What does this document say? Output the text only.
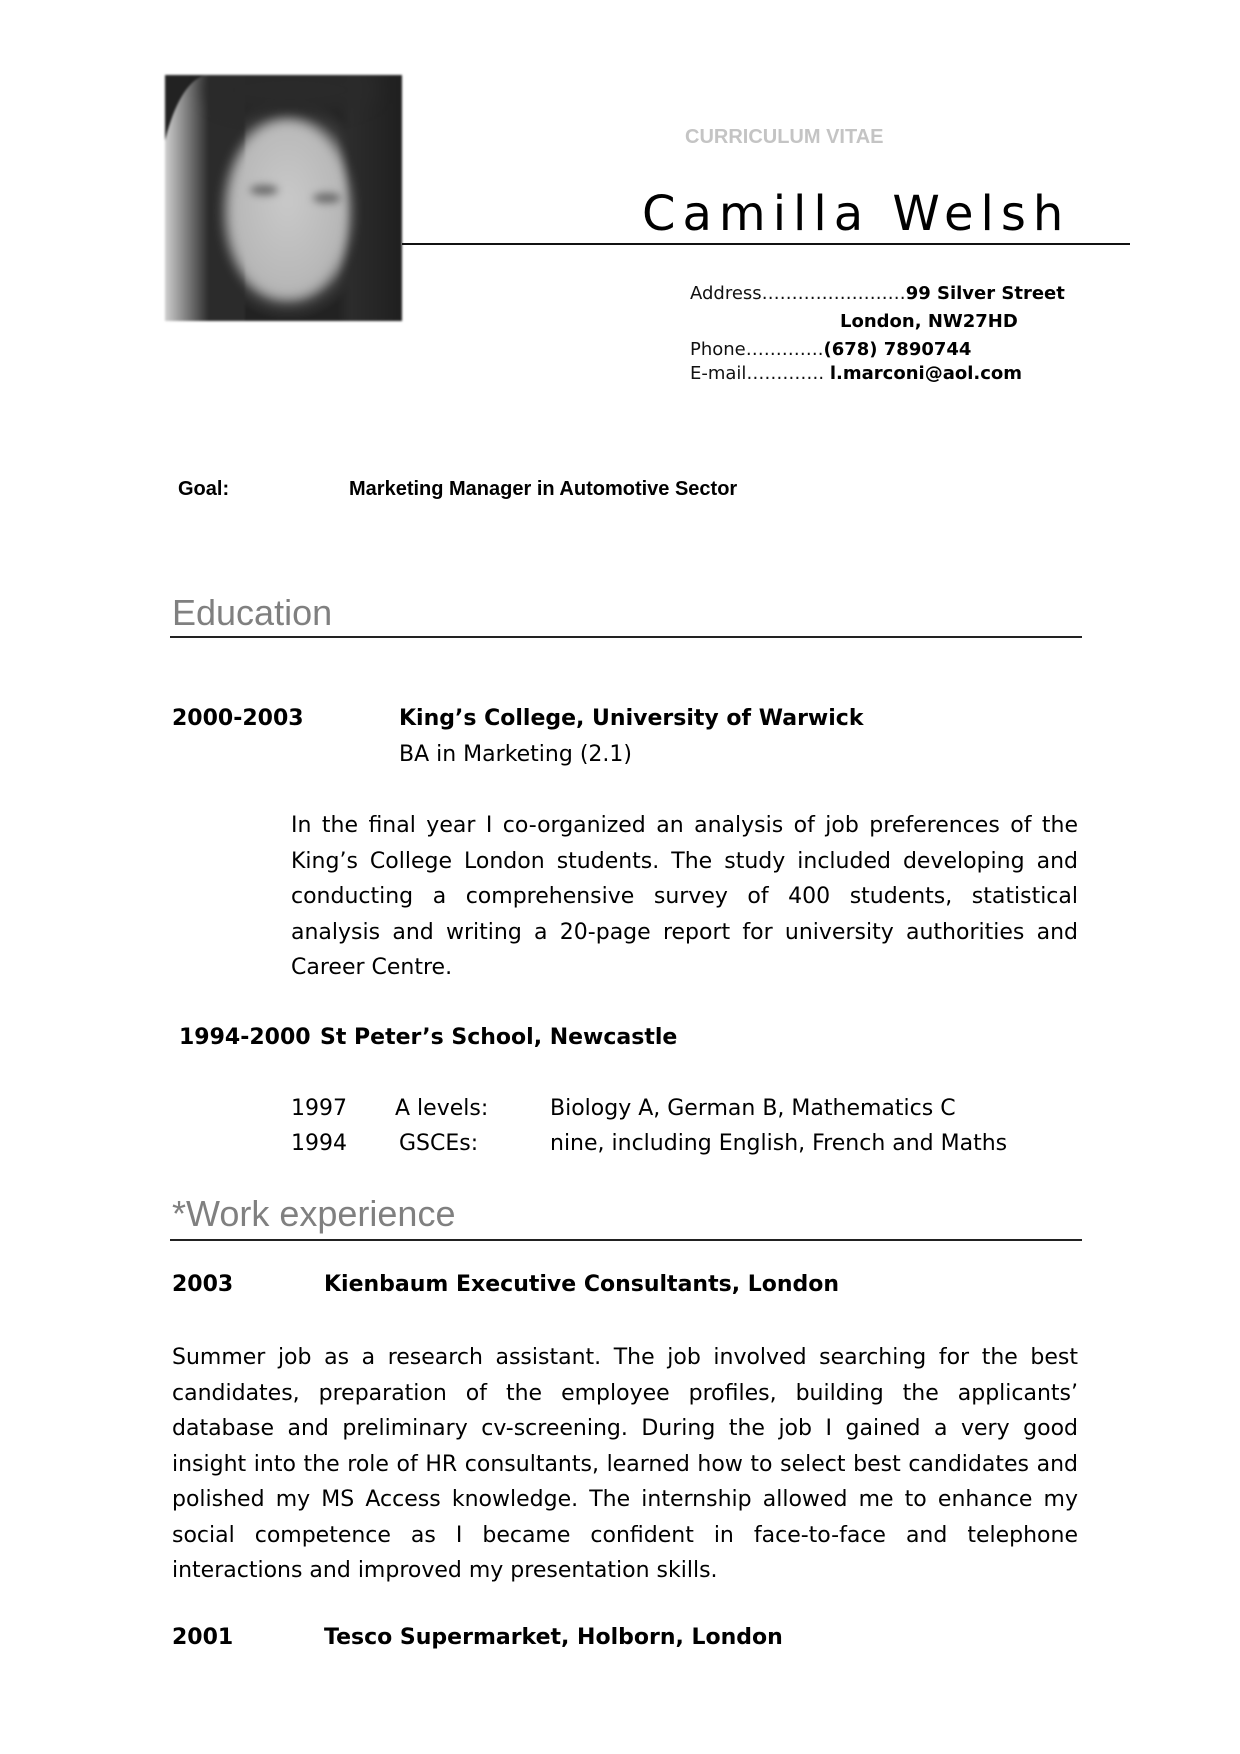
CURRICULUM VITAE
Camilla Welsh
Address……………………99 Silver Street
London, NW27HD
Phone………….(678) 7890744
E-mail…………. l.marconi@aol.com
Goal:	Marketing Manager in Automotive Sector
Education
2000-2003	King’s College, University of Warwick
BA in Marketing (2.1)
In the final year I co-organized an analysis of job preferences of the King’s College London students. The study included developing and conducting a comprehensive survey of 400 students, statistical analysis and writing a 20-page report for university authorities and Career Centre.
1994-2000 St Peter’s School, Newcastle
1997 A levels:	Biology A, German B, Mathematics C
1994 GSCEs:	nine, including English, French and Maths
*Work experience
2003	Kienbaum Executive Consultants, London
Summer job as a research assistant. The job involved searching for the best candidates, preparation of the employee profiles, building the applicants’ database and preliminary cv-screening. During the job I gained a very good insight into the role of HR consultants, learned how to select best candidates and polished my MS Access knowledge. The internship allowed me to enhance my social competence as I became confident in face-to-face and telephone interactions and improved my presentation skills.
2001	Tesco Supermarket, Holborn, London
